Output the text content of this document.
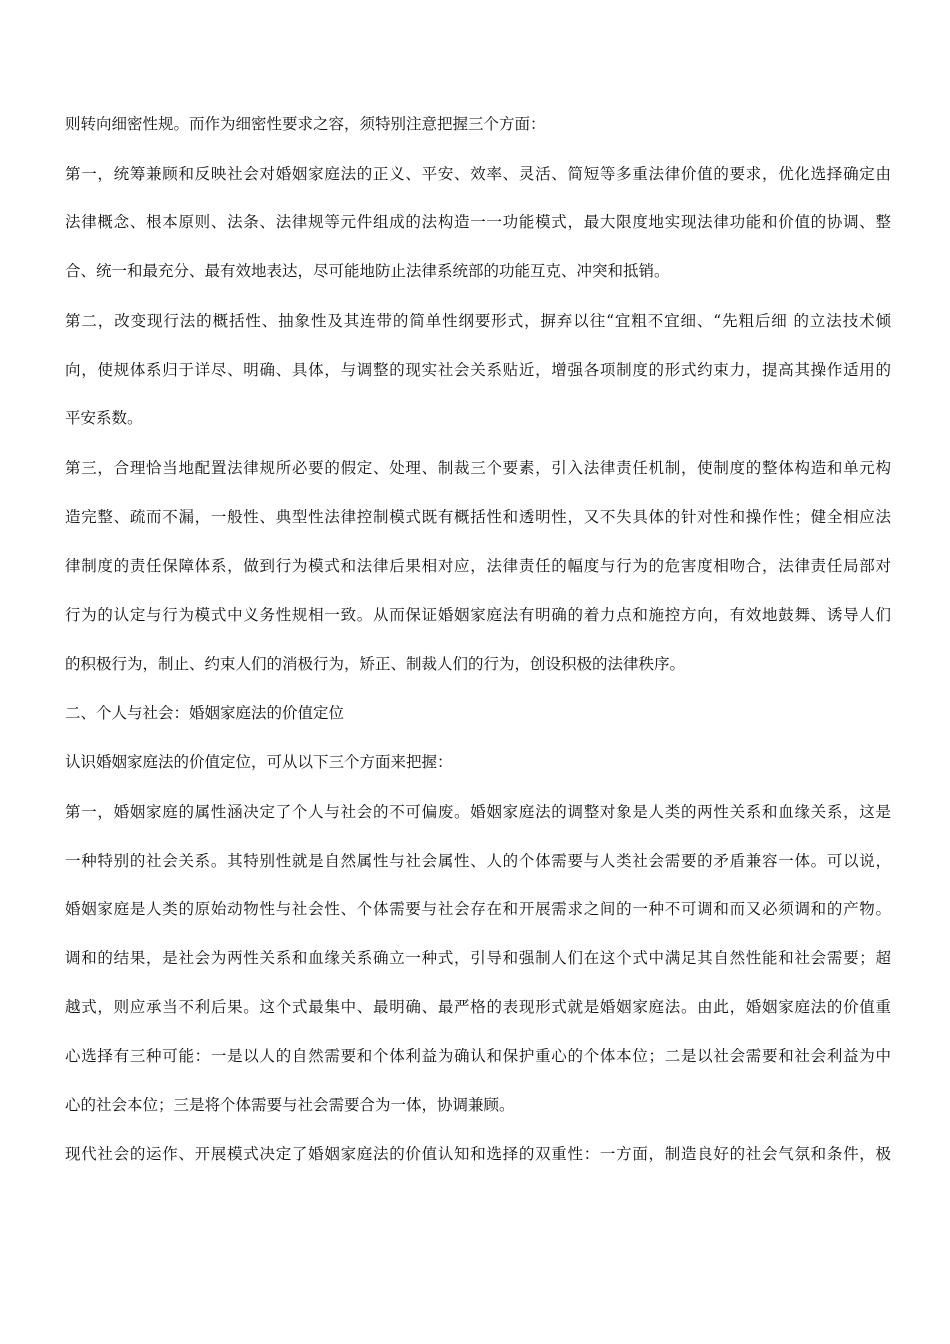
则转向细密性规。而作为细密性要求之容，须特别注意把握三个方面：
第一，统筹兼顾和反映社会对婚姻家庭法的正义、平安、效率、灵活、简短等多重法律价值的要求，优化选择确定由
法律概念、根本原则、法条、法律规等元件组成的法构造一一功能模式，最大限度地实现法律功能和价值的协调、整
合、统一和最充分、最有效地表达，尽可能地防止法律系统部的功能互克、冲突和抵销。
第二，改变现行法的概括性、抽象性及其连带的简单性纲要形式，摒弃以往“宜粗不宜细、“先粗后细 的立法技术倾
向，使规体系归于详尽、明确、具体，与调整的现实社会关系贴近，增强各项制度的形式约束力，提高其操作适用的
平安系数。
第三，合理恰当地配置法律规所必要的假定、处理、制裁三个要素，引入法律责任机制，使制度的整体构造和单元构
造完整、疏而不漏，一般性、典型性法律控制模式既有概括性和透明性，又不失具体的针对性和操作性；健全相应法
律制度的责任保障体系，做到行为模式和法律后果相对应，法律责任的幅度与行为的危害度相吻合，法律责任局部对
行为的认定与行为模式中义务性规相一致。从而保证婚姻家庭法有明确的着力点和施控方向，有效地鼓舞、诱导人们
的积极行为，制止、约束人们的消极行为，矫正、制裁人们的行为，创设积极的法律秩序。
二、个人与社会：婚姻家庭法的价值定位
认识婚姻家庭法的价值定位，可从以下三个方面来把握：
第一，婚姻家庭的属性涵决定了个人与社会的不可偏废。婚姻家庭法的调整对象是人类的两性关系和血缘关系，这是
一种特别的社会关系。其特别性就是自然属性与社会属性、人的个体需要与人类社会需要的矛盾兼容一体。可以说，
婚姻家庭是人类的原始动物性与社会性、个体需要与社会存在和开展需求之间的一种不可调和而又必须调和的产物。
调和的结果，是社会为两性关系和血缘关系确立一种式，引导和强制人们在这个式中满足其自然性能和社会需要；超
越式，则应承当不利后果。这个式最集中、最明确、最严格的表现形式就是婚姻家庭法。由此，婚姻家庭法的价值重
心选择有三种可能：一是以人的自然需要和个体利益为确认和保护重心的个体本位；二是以社会需要和社会利益为中
心的社会本位；三是将个体需要与社会需要合为一体，协调兼顾。
现代社会的运作、开展模式决定了婚姻家庭法的价值认知和选择的双重性：一方面，制造良好的社会气氛和条件，极
